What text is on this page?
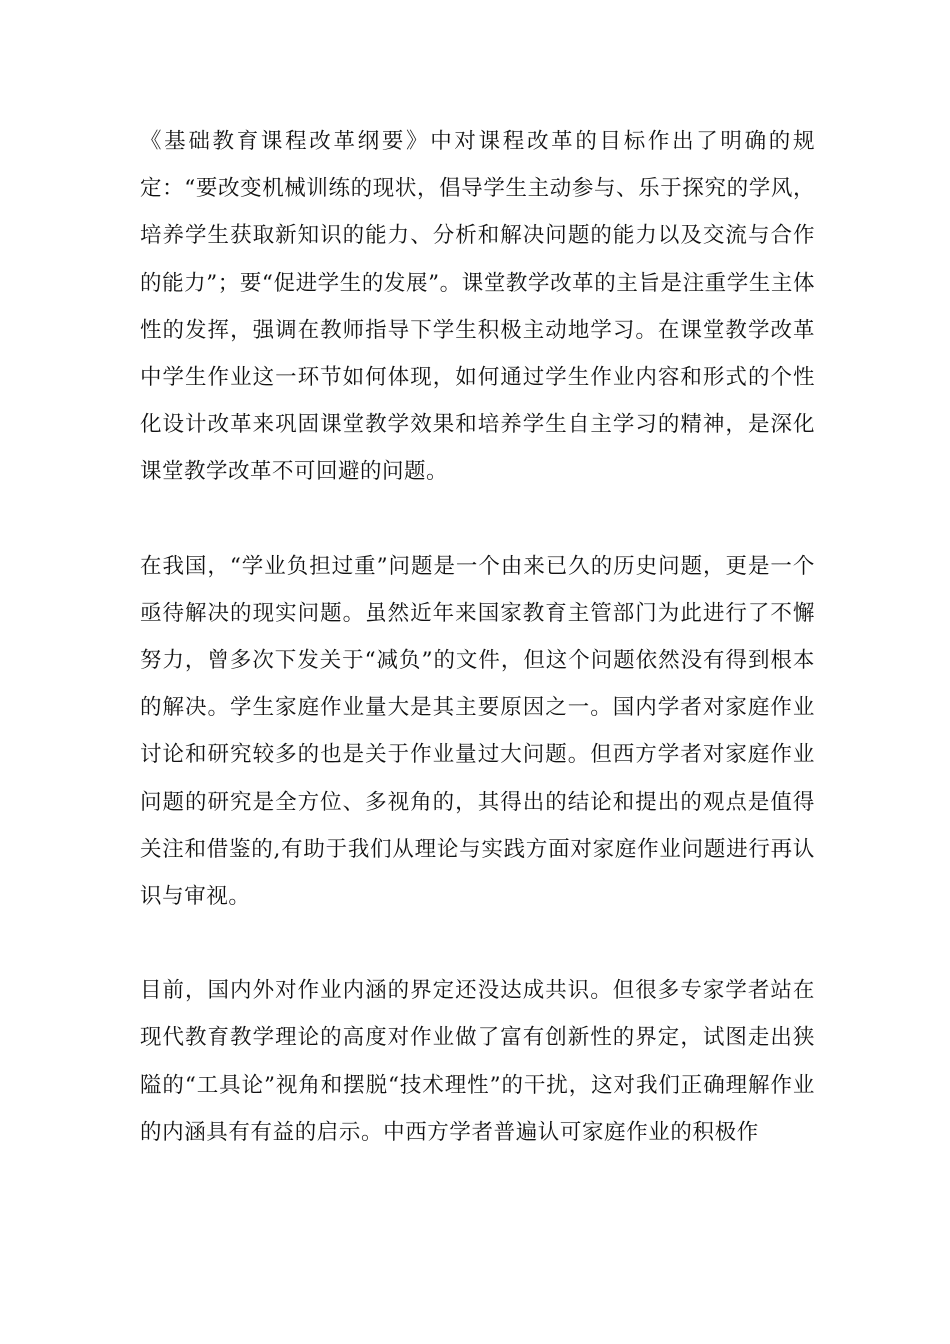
《基础教育课程改革纲要》中对课程改革的目标作出了明确的规定：“要改变机械训练的现状，倡导学生主动参与、乐于探究的学风，培养学生获取新知识的能力、分析和解决问题的能力以及交流与合作的能力”；要“促进学生的发展”。课堂教学改革的主旨是注重学生主体性的发挥，强调在教师指导下学生积极主动地学习。在课堂教学改革中学生作业这一环节如何体现，如何通过学生作业内容和形式的个性化设计改革来巩固课堂教学效果和培养学生自主学习的精神，是深化课堂教学改革不可回避的问题。

在我国，“学业负担过重”问题是一个由来已久的历史问题，更是一个亟待解决的现实问题。虽然近年来国家教育主管部门为此进行了不懈努力，曾多次下发关于“减负”的文件，但这个问题依然没有得到根本的解决。学生家庭作业量大是其主要原因之一。国内学者对家庭作业讨论和研究较多的也是关于作业量过大问题。但西方学者对家庭作业问题的研究是全方位、多视角的，其得出的结论和提出的观点是值得关注和借鉴的,有助于我们从理论与实践方面对家庭作业问题进行再认识与审视。

目前，国内外对作业内涵的界定还没达成共识。但很多专家学者站在现代教育教学理论的高度对作业做了富有创新性的界定，试图走出狭隘的“工具论”视角和摆脱“技术理性”的干扰，这对我们正确理解作业的内涵具有有益的启示。中西方学者普遍认可家庭作业的积极作
